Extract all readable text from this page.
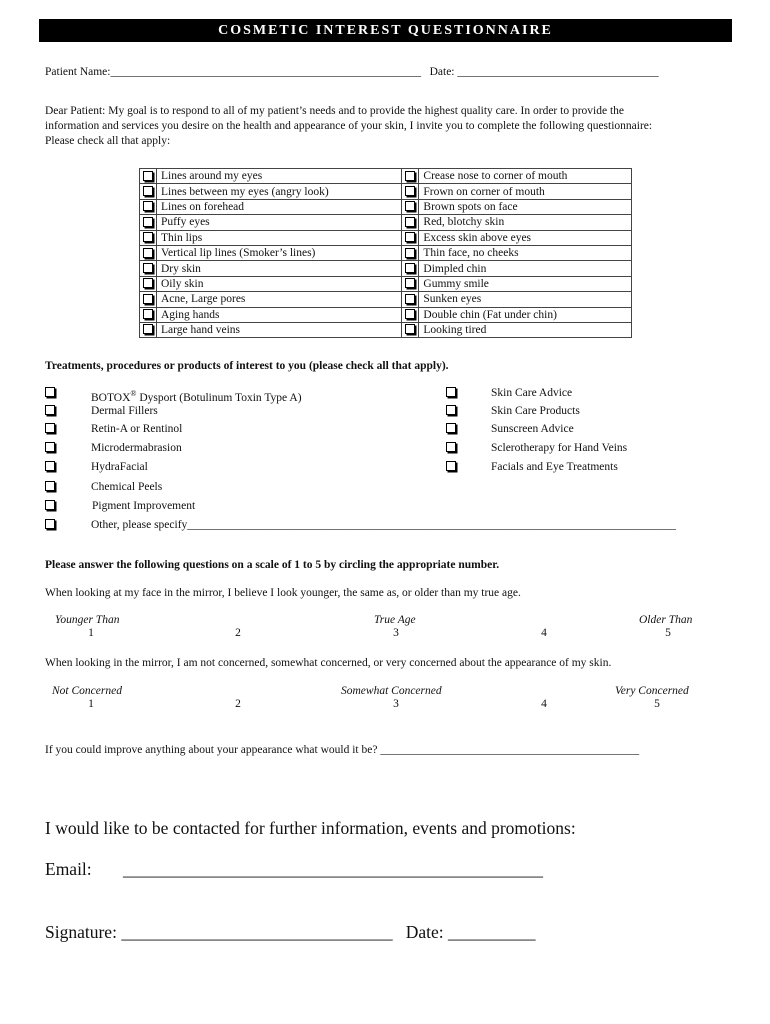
COSMETIC INTEREST QUESTIONNAIRE
Patient Name:______________________________________________________ Date: ___________________________________
Dear Patient: My goal is to respond to all of my patient’s needs and to provide the highest quality care. In order to provide the
information and services you desire on the health and appearance of your skin, I invite you to complete the following questionnaire:
Please check all that apply:
	Lines around my eyes		Crease nose to corner of mouth
	Lines between my eyes (angry look)		Frown on corner of mouth
	Lines on forehead		Brown spots on face
	Puffy eyes		Red, blotchy skin
	Thin lips		Excess skin above eyes
	Vertical lip lines (Smoker’s lines)		Thin face, no cheeks
	Dry skin		Dimpled chin
	Oily skin		Gummy smile
	Acne, Large pores		Sunken eyes
	Aging hands		Double chin (Fat under chin)
	Large hand veins		Looking tired
Treatments, procedures or products of interest to you (please check all that apply).
BOTOX® Dysport (Botulinum Toxin Type A)
Dermal Fillers
Retin-A or Rentinol
Microdermabrasion
HydraFacial
Chemical Peels
Pigment Improvement
Other, please specify_____________________________________________________________________________________
Skin Care Advice
Skin Care Products
Sunscreen Advice
Sclerotherapy for Hand Veins
Facials and Eye Treatments
Please answer the following questions on a scale of 1 to 5 by circling the appropriate number.
When looking at my face in the mirror, I believe I look younger, the same as, or older than my true age.
Younger Than	True Age	Older Than
1	2	3	4	5
When looking in the mirror, I am not concerned, somewhat concerned, or very concerned about the appearance of my skin.
Not Concerned	Somewhat Concerned	Very Concerned
1	2	3	4	5
If you could improve anything about your appearance what would it be? _____________________________________________
I would like to be contacted for further information, events and promotions:
Email: ________________________________________________
Signature: _______________________________ Date: __________
